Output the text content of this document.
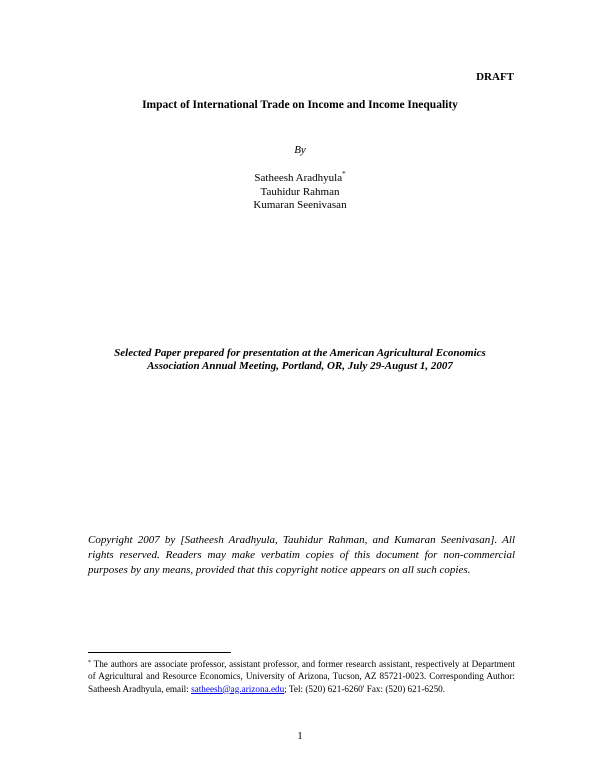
DRAFT
Impact of International Trade on Income and Income Inequality
By
Satheesh Aradhyula*
Tauhidur Rahman
Kumaran Seenivasan
Selected Paper prepared for presentation at the American Agricultural Economics
Association Annual Meeting, Portland, OR, July 29-August 1, 2007
Copyright 2007 by [Satheesh Aradhyula, Tauhidur Rahman, and Kumaran Seenivasan]. All rights reserved. Readers may make verbatim copies of this document for non-commercial purposes by any means, provided that this copyright notice appears on all such copies.
* The authors are associate professor, assistant professor, and former research assistant, respectively at Department of Agricultural and Resource Economics, University of Arizona, Tucson, AZ 85721-0023. Corresponding Author: Satheesh Aradhyula, email: satheesh@ag.arizona.edu; Tel: (520) 621-6260' Fax: (520) 621-6250.
1
